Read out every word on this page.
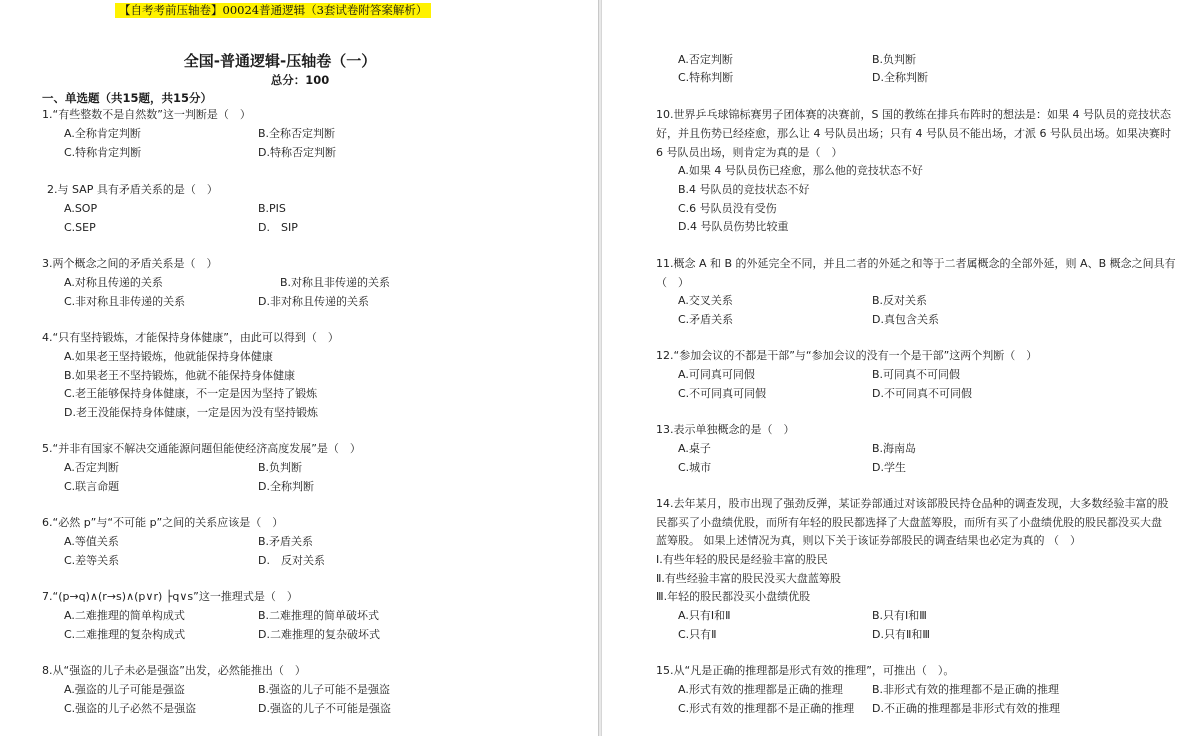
【自考考前压轴卷】00024普通逻辑（3套试卷附答案解析）
全国-普通逻辑-压轴卷（一）
总分：100
一、单选题（共15题，共15分）
1.“有些整数不是自然数”这一判断是（　）
A.全称肯定判断	B.全称否定判断
C.特称肯定判断	D.特称否定判断
2.与 SAP 具有矛盾关系的是（　）
A.SOP	B.PIS
C.SEP	D.　SIP
3.两个概念之间的矛盾关系是（　）
A.对称且传递的关系	B.对称且非传递的关系
C.非对称且非传递的关系	D.非对称且传递的关系
4.“只有坚持锻炼，才能保持身体健康”，由此可以得到（　）
A.如果老王坚持锻炼，他就能保持身体健康
B.如果老王不坚持锻炼，他就不能保持身体健康
C.老王能够保持身体健康，不一定是因为坚持了锻炼
D.老王没能保持身体健康，一定是因为没有坚持锻炼
5.“并非有国家不解决交通能源问题但能使经济高度发展”是（　）
A.否定判断	B.负判断
C.联言命题	D.全称判断
6.“必然 p”与“不可能 p”之间的关系应该是（　）
A.等值关系	B.矛盾关系
C.差等关系	D.　反对关系
7.“(p→q)∧(r→s)∧(p∨r) ├q∨s”这一推理式是（　）
A.二难推理的简单构成式	B.二难推理的简单破坏式
C.二难推理的复杂构成式	D.二难推理的复杂破坏式
8.从“强盗的儿子未必是强盗”出发，必然能推出（　）
A.强盗的儿子可能是强盗	B.强盗的儿子可能不是强盗
C.强盗的儿子必然不是强盗	D.强盗的儿子不可能是强盗
A.否定判断	B.负判断
C.特称判断	D.全称判断
10.世界乒乓球锦标赛男子团体赛的决赛前，S 国的教练在排兵布阵时的想法是：如果 4 号队员的竞技状态
好，并且伤势已经痊愈，那么让 4 号队员出场；只有 4 号队员不能出场，才派 6 号队员出场。如果决赛时
6 号队员出场，则肯定为真的是（　）
A.如果 4 号队员伤已痊愈，那么他的竞技状态不好
B.4 号队员的竞技状态不好
C.6 号队员没有受伤
D.4 号队员伤势比较重
11.概念 A 和 B 的外延完全不同，并且二者的外延之和等于二者属概念的全部外延，则 A、B 概念之间具有
（　）
A.交叉关系	B.反对关系
C.矛盾关系	D.真包含关系
12.“参加会议的不都是干部”与“参加会议的没有一个是干部”这两个判断（　）
A.可同真可同假	B.可同真不可同假
C.不可同真可同假	D.不可同真不可同假
13.表示单独概念的是（　）
A.桌子	B.海南岛
C.城市	D.学生
14.去年某月，股市出现了强劲反弹，某证券部通过对该部股民持仓品种的调查发现，大多数经验丰富的股
民都买了小盘绩优股，而所有年轻的股民都选择了大盘蓝筹股，而所有买了小盘绩优股的股民都没买大盘
蓝筹股。 如果上述情况为真，则以下关于该证券部股民的调查结果也必定为真的 （　）
Ⅰ.有些年轻的股民是经验丰富的股民
Ⅱ.有些经验丰富的股民没买大盘蓝筹股
Ⅲ.年轻的股民都没买小盘绩优股
A.只有Ⅰ和Ⅱ	B.只有Ⅰ和Ⅲ
C.只有Ⅱ	D.只有Ⅱ和Ⅲ
15.从“凡是正确的推理都是形式有效的推理”，可推出（　）。
A.形式有效的推理都是正确的推理	B.非形式有效的推理都不是正确的推理
C.形式有效的推理都不是正确的推理 D.不正确的推理都是非形式有效的推理
